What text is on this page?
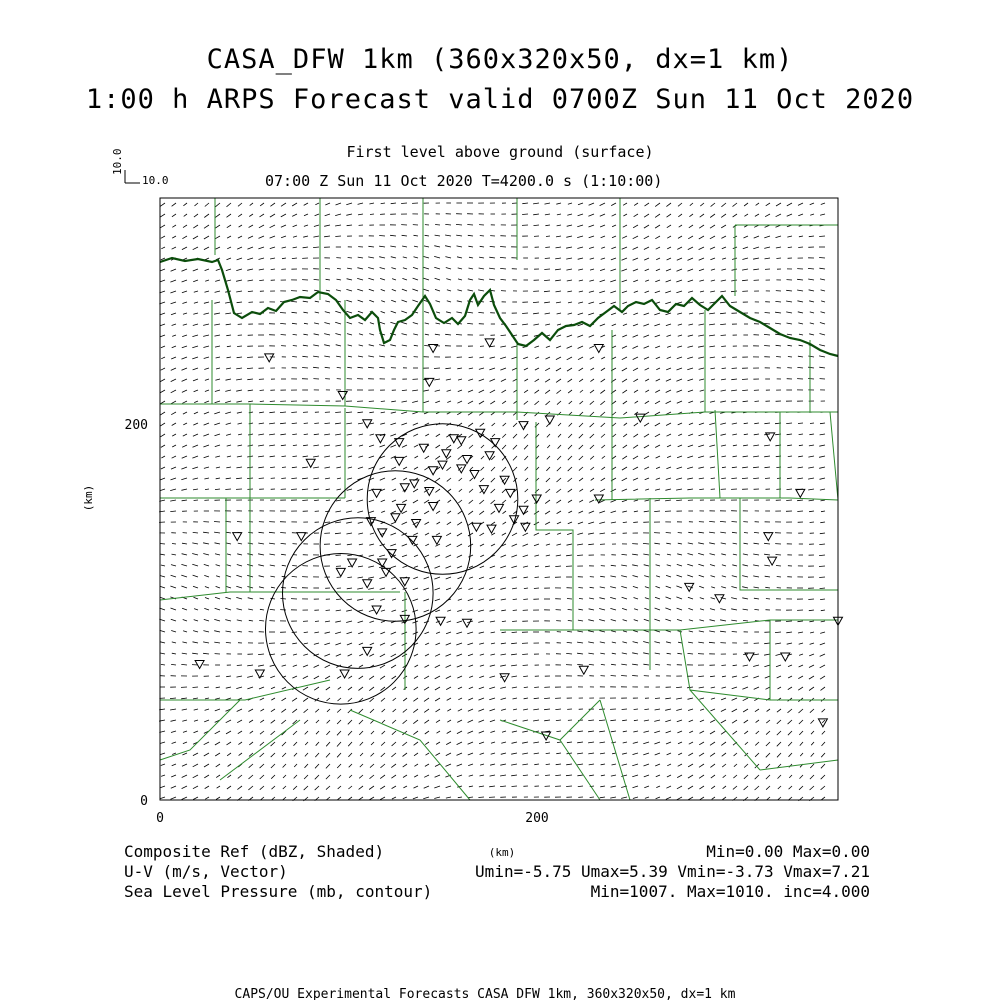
CASA_DFW 1km (360x320x50, dx=1 km)
1:00 h ARPS Forecast valid 0700Z Sun 11 Oct 2020
First level above ground (surface)
07:00 Z Sun 11 Oct 2020 T=4200.0 s (1:10:00)
10.0
10.0
0
200
0	200
(km)
(km)
Composite Ref (dBZ, Shaded)	Min=0.00 Max=0.00
U-V (m/s, Vector)	Umin=-5.75 Umax=5.39 Vmin=-3.73 Vmax=7.21
Sea Level Pressure (mb, contour)	Min=1007. Max=1010. inc=4.000
CAPS/OU Experimental Forecasts CASA DFW 1km, 360x320x50, dx=1 km
